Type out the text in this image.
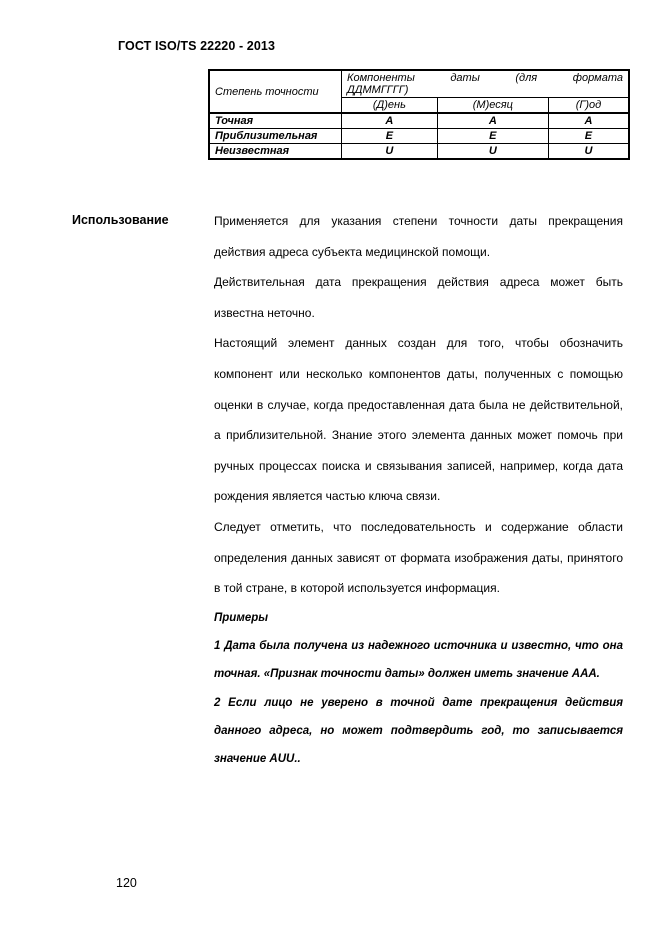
ГОСТ ISO/TS 22220 - 2013
Степень точности	Компоненты даты (для формата
ДДММГГГГ)		

	(Д)ень	(М)есяц	(Г)од
Точная	A	A	A
Приблизительная	E	E	E
Неизвестная	U	U	U
Использование	Применяется для указания степени точности даты прекращения действия адреса субъекта медицинской помощи.

Действительная дата прекращения действия адреса может быть известна неточно.

Настоящий элемент данных создан для того, чтобы обозначить компонент или несколько компонентов даты, полученных с помощью оценки в случае, когда предоставленная дата была не действительной, а приблизительной. Знание этого элемента данных может помочь при ручных процессах поиска и связывания записей, например, когда дата рождения является частью ключа связи.

Следует отметить, что последовательность и содержание области определения данных зависят от формата изображения даты, принятого в той стране, в которой используется информация.

Примеры

1 Дата была получена из надежного источника и известно, что она точная. «Признак точности даты» должен иметь значение AAA.

2 Если лицо не уверено в точной дате прекращения действия данного адреса, но может подтвердить год, то записывается значение AUU..

120
